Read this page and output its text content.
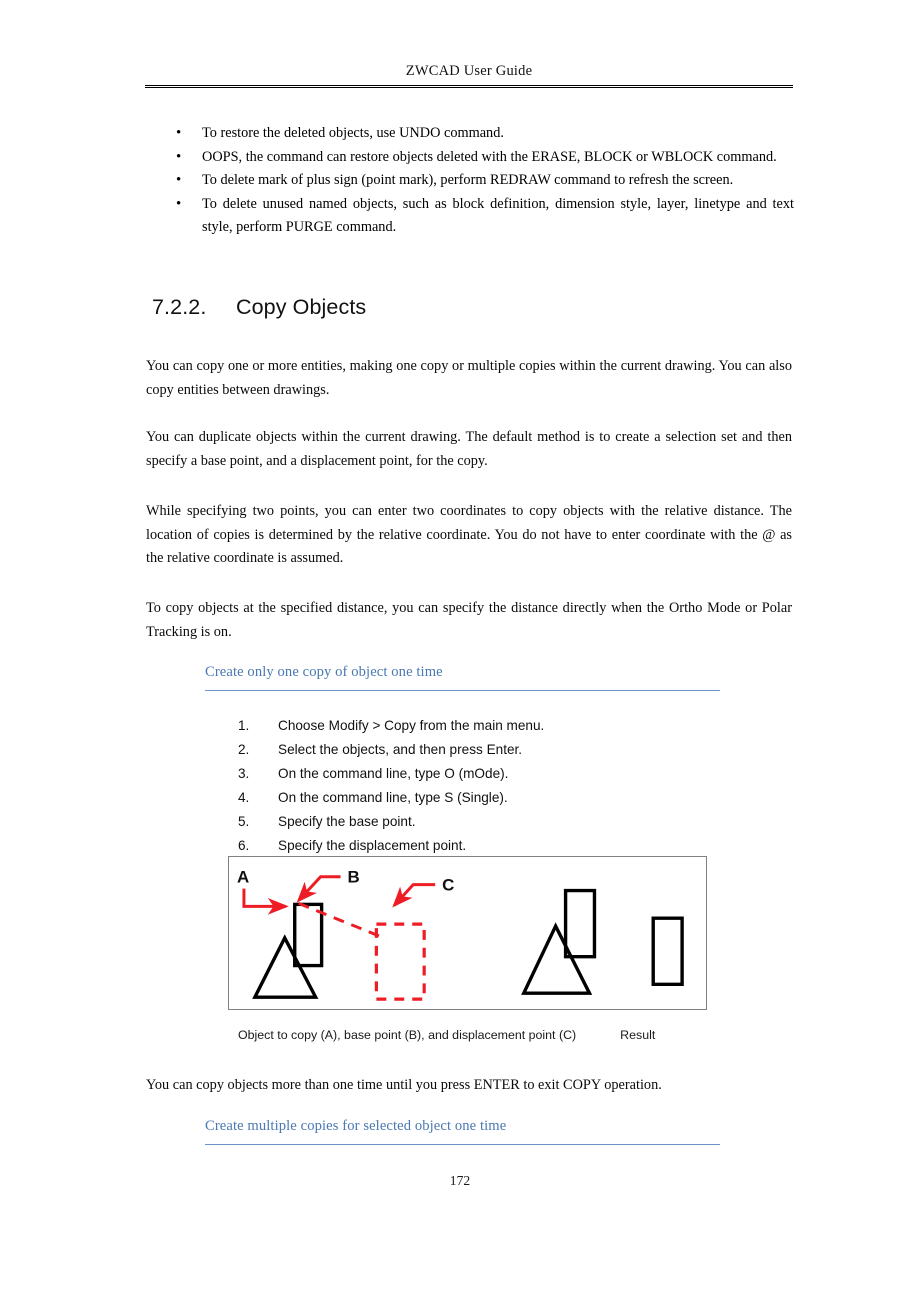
ZWCAD User Guide
•	To restore the deleted objects, use UNDO command.
•	OOPS, the command can restore objects deleted with the ERASE, BLOCK or WBLOCK command.
•	To delete mark of plus sign (point mark), perform REDRAW command to refresh the screen.
•	To delete unused named objects, such as block definition, dimension style, layer, linetype and text style, perform PURGE command.
7.2.2. Copy Objects
You can copy one or more entities, making one copy or multiple copies within the current drawing. You can also copy entities between drawings.
You can duplicate objects within the current drawing. The default method is to create a selection set and then specify a base point, and a displacement point, for the copy.
While specifying two points, you can enter two coordinates to copy objects with the relative distance. The location of copies is determined by the relative coordinate. You do not have to enter coordinate with the @ as the relative coordinate is assumed.
To copy objects at the specified distance, you can specify the distance directly when the Ortho Mode or Polar Tracking is on.
Create only one copy of object one time
1.	Choose Modify > Copy from the main menu.
2.	Select the objects, and then press Enter.
3.	On the command line, type O (mOde).
4.	On the command line, type S (Single).
5.	Specify the base point.
6.	Specify the displacement point.
A	B	C
Object to copy (A), base point (B), and displacement point (C)	Result
You can copy objects more than one time until you press ENTER to exit COPY operation.
Create multiple copies for selected object one time
172
